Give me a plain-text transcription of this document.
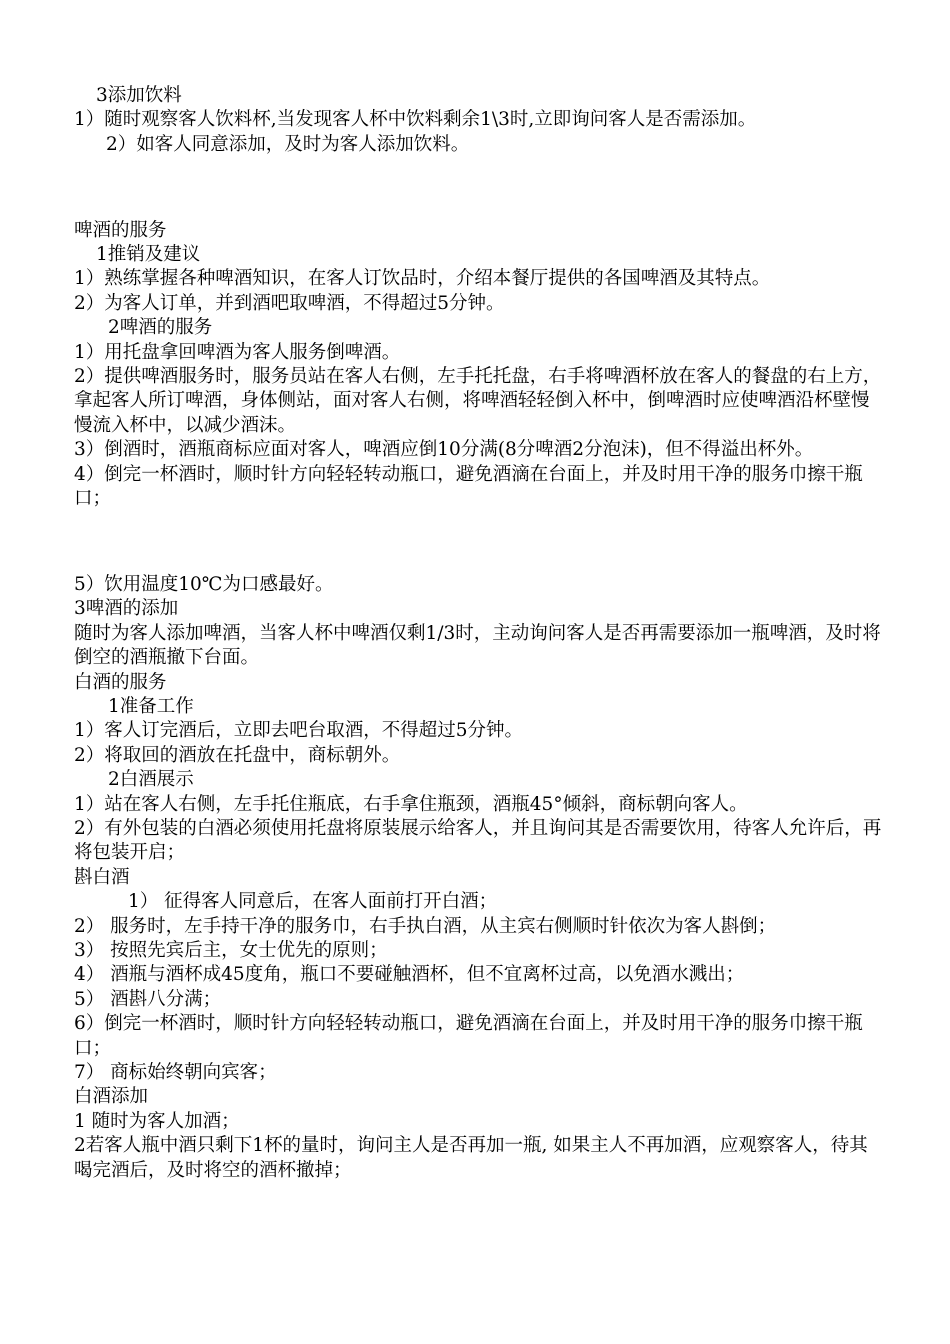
3添加饮料

1）随时观察客人饮料杯,当发现客人杯中饮料剩余1\3时,立即询问客人是否需添加。

2）如客人同意添加，及时为客人添加饮料。

啤酒的服务

1推销及建议

1）熟练掌握各种啤酒知识，在客人订饮品时，介绍本餐厅提供的各国啤酒及其特点。

2）为客人订单，并到酒吧取啤酒，不得超过5分钟。

2啤酒的服务

1）用托盘拿回啤酒为客人服务倒啤酒。

2）提供啤酒服务时，服务员站在客人右侧，左手托托盘，右手将啤酒杯放在客人的餐盘的右上方，拿起客人所订啤酒，身体侧站，面对客人右侧，将啤酒轻轻倒入杯中，倒啤酒时应使啤酒沿杯壁慢慢流入杯中，以减少酒沫。

3）倒酒时，酒瓶商标应面对客人，啤酒应倒10分满(8分啤酒2分泡沫)，但不得溢出杯外。

4）倒完一杯酒时，顺时针方向轻轻转动瓶口，避免酒滴在台面上，并及时用干净的服务巾擦干瓶口；

5）饮用温度10℃为口感最好。

3啤酒的添加

随时为客人添加啤酒，当客人杯中啤酒仅剩1/3时，主动询问客人是否再需要添加一瓶啤酒，及时将倒空的酒瓶撤下台面。

白酒的服务

1准备工作

1）客人订完酒后，立即去吧台取酒，不得超过5分钟。

2）将取回的酒放在托盘中，商标朝外。

2白酒展示

1）站在客人右侧，左手托住瓶底，右手拿住瓶颈，酒瓶45°倾斜，商标朝向客人。

2）有外包装的白酒必须使用托盘将原装展示给客人，并且询问其是否需要饮用，待客人允许后，再将包装开启；

斟白酒

1） 征得客人同意后，在客人面前打开白酒；

2） 服务时，左手持干净的服务巾，右手执白酒，从主宾右侧顺时针依次为客人斟倒；

3） 按照先宾后主，女士优先的原则；

4） 酒瓶与酒杯成45度角，瓶口不要碰触酒杯，但不宜离杯过高，以免酒水溅出；

5） 酒斟八分满；

6）倒完一杯酒时，顺时针方向轻轻转动瓶口，避免酒滴在台面上，并及时用干净的服务巾擦干瓶口；

7） 商标始终朝向宾客；

白酒添加

1 随时为客人加酒；

2若客人瓶中酒只剩下1杯的量时，询问主人是否再加一瓶, 如果主人不再加酒，应观察客人，待其喝完酒后，及时将空的酒杯撤掉；
